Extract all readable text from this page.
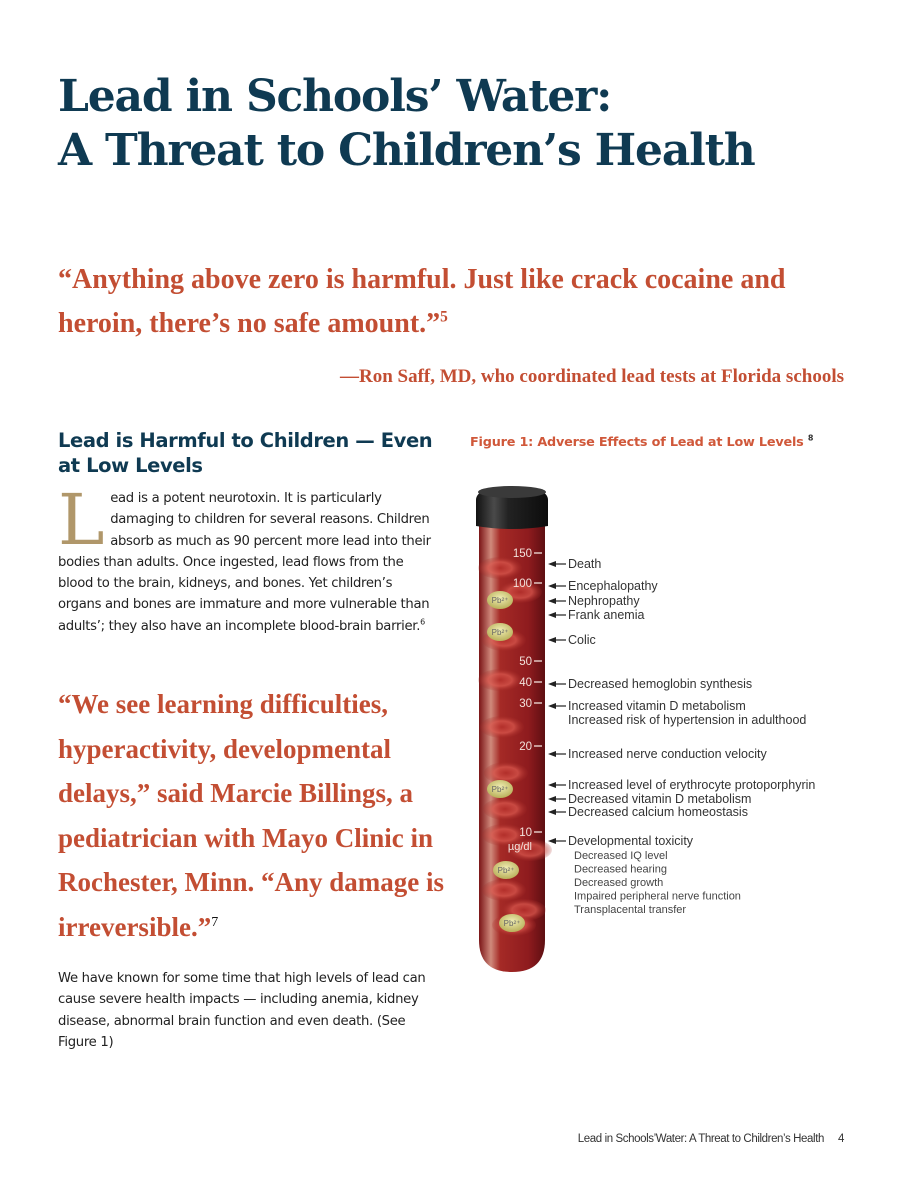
Lead in Schools’ Water:
A Threat to Children’s Health

“Anything above zero is harmful. Just like crack cocaine and heroin, there’s no safe amount.”$^5$

—Ron Saff, MD, who coordinated lead tests at Florida schools
Lead is Harmful to Children — Even at Low Levels

Lead is a potent neurotoxin. It is particularly damaging to children for several reasons. Children absorb as much as 90 percent more lead into their bodies than adults. Once ingested, lead flows from the blood to the brain, kidneys, and bones. Yet children’s organs and bones are immature and more vulnerable than adults’; they also have an incomplete blood-brain barrier.$^6$

“We see learning difficulties, hyperactivity, developmental delays,” said Marcie Billings, a pediatrician with Mayo Clinic in Rochester, Minn. “Any damage is irreversible.”$^7$

We have known for some time that high levels of lead can cause severe health impacts — including anemia, kidney disease, abnormal brain function and even death. (See Figure 1)

Figure 1: Adverse Effects of Lead at Low Levels $^8$
Pb²⁺
Pb²⁺
Pb²⁺
Pb²⁺
Pb²⁺
150
100
50
40
30
20
10
µg/dl
Death
Encephalopathy
Nephropathy
Frank anemia
Colic
Decreased hemoglobin synthesis
Increased vitamin D metabolism
Increased risk of hypertension in adulthood
Increased nerve conduction velocity
Increased level of erythrocyte protoporphyrin
Decreased vitamin D metabolism
Decreased calcium homeostasis
Developmental toxicity
Decreased IQ level
Decreased hearing
Decreased growth
Impaired peripheral nerve function
Transplacental transfer
Lead in Schools’Water: A Threat to Children’s Health 4
